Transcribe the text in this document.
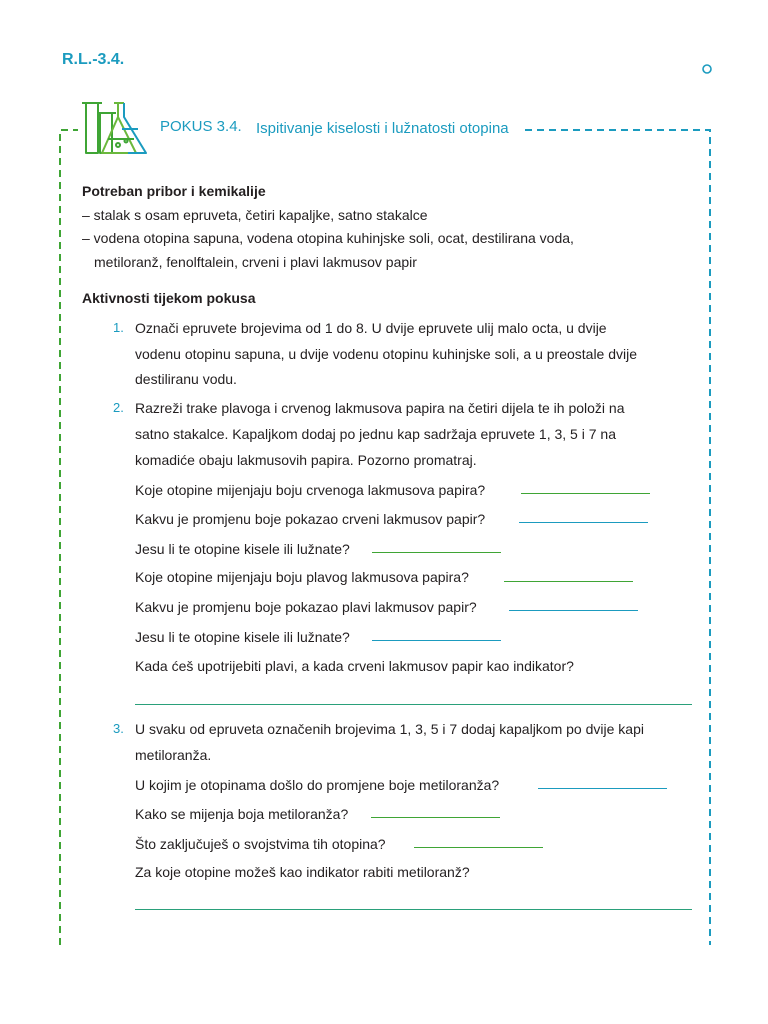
R.L.-3.4.
POKUS 3.4. Ispitivanje kiselosti i lužnatosti otopina
Potreban pribor i kemikalije
– stalak s osam epruveta, četiri kapaljke, satno stakalce
– vodena otopina sapuna, vodena otopina kuhinjske soli, ocat, destilirana voda,
metiloranž, fenolftalein, crveni i plavi lakmusov papir
Aktivnosti tijekom pokusa
1. Označi epruvete brojevima od 1 do 8. U dvije epruvete ulij malo octa, u dvije
vodenu otopinu sapuna, u dvije vodenu otopinu kuhinjske soli, a u preostale dvije
destiliranu vodu.
2. Razreži trake plavoga i crvenog lakmusova papira na četiri dijela te ih položi na
satno stakalce. Kapaljkom dodaj po jednu kap sadržaja epruvete 1, 3, 5 i 7 na
komadiće obaju lakmusovih papira. Pozorno promatraj.
Koje otopine mijenjaju boju crvenoga lakmusova papira?
Kakvu je promjenu boje pokazao crveni lakmusov papir?
Jesu li te otopine kisele ili lužnate?
Koje otopine mijenjaju boju plavog lakmusova papira?
Kakvu je promjenu boje pokazao plavi lakmusov papir?
Jesu li te otopine kisele ili lužnate?
Kada ćeš upotrijebiti plavi, a kada crveni lakmusov papir kao indikator?
3. U svaku od epruveta označenih brojevima 1, 3, 5 i 7 dodaj kapaljkom po dvije kapi
metiloranža.
U kojim je otopinama došlo do promjene boje metiloranža?
Kako se mijenja boja metiloranža?
Što zaključuješ o svojstvima tih otopina?
Za koje otopine možeš kao indikator rabiti metiloranž?
